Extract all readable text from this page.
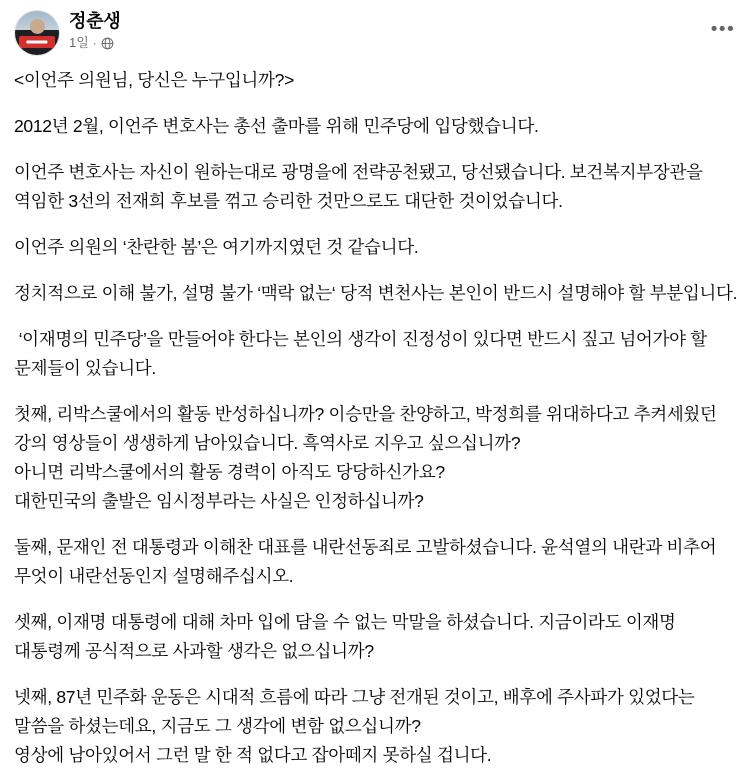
정춘생
1일 ·
•••

<이언주 의원님, 당신은 누구입니까?>

2012년 2월, 이언주 변호사는 총선 출마를 위해 민주당에 입당했습니다.

이언주 변호사는 자신이 원하는대로 광명을에 전략공천됐고, 당선됐습니다. 보건복지부장관을 역임한 3선의 전재희 후보를 꺾고 승리한 것만으로도 대단한 것이었습니다.

이언주 의원의 ‘찬란한 봄’은 여기까지였던 것 같습니다.

정치적으로 이해 불가, 설명 불가 ‘맥락 없는‘ 당적 변천사는 본인이 반드시 설명해야 할 부분입니다.

‘이재명의 민주당’을 만들어야 한다는 본인의 생각이 진정성이 있다면 반드시 짚고 넘어가야 할 문제들이 있습니다.

첫째, 리박스쿨에서의 활동 반성하십니까? 이승만을 찬양하고, 박정희를 위대하다고 추켜세웠던 강의 영상들이 생생하게 남아있습니다. 흑역사로 지우고 싶으십니까?

아니면 리박스쿨에서의 활동 경력이 아직도 당당하신가요?

대한민국의 출발은 임시정부라는 사실은 인정하십니까?

둘째, 문재인 전 대통령과 이해찬 대표를 내란선동죄로 고발하셨습니다. 윤석열의 내란과 비추어 무엇이 내란선동인지 설명해주십시오.

셋째, 이재명 대통령에 대해 차마 입에 담을 수 없는 막말을 하셨습니다. 지금이라도 이재명 대통령께 공식적으로 사과할 생각은 없으십니까?

넷째, 87년 민주화 운동은 시대적 흐름에 따라 그냥 전개된 것이고, 배후에 주사파가 있었다는 말씀을 하셨는데요, 지금도 그 생각에 변함 없으십니까?

영상에 남아있어서 그런 말 한 적 없다고 잡아떼지 못하실 겁니다.
